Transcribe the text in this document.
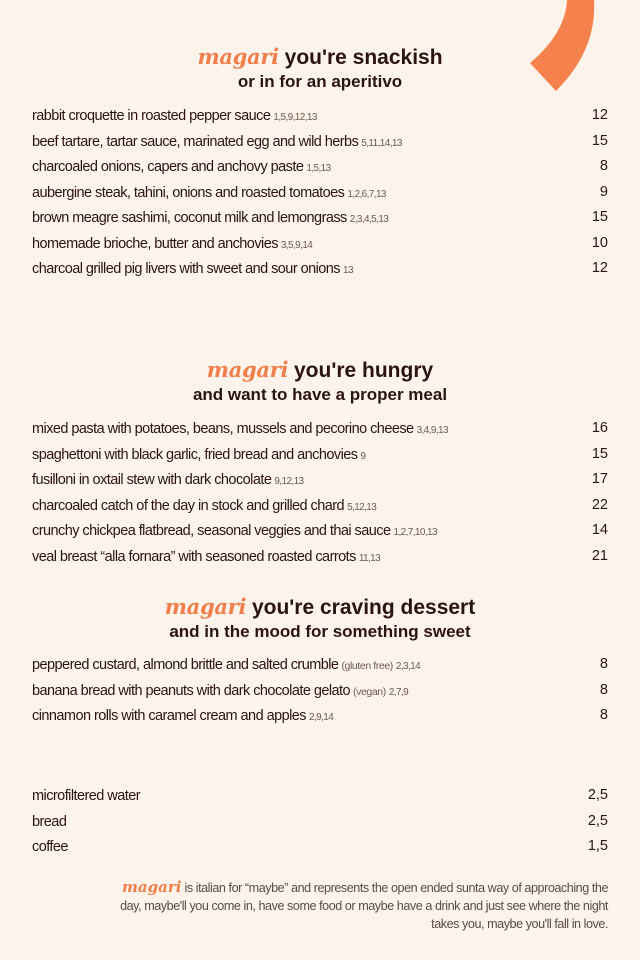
magari you're snackish
or in for an aperitivo
rabbit croquette in roasted pepper sauce 1,5,9,12,13	12
beef tartare, tartar sauce, marinated egg and wild herbs 5,11,14,13	15
charcoaled onions, capers and anchovy paste 1,5,13	8
aubergine steak, tahini, onions and roasted tomatoes 1,2,6,7,13	9
brown meagre sashimi, coconut milk and lemongrass 2,3,4,5,13	15
homemade brioche, butter and anchovies 3,5,9,14	10
charcoal grilled pig livers with sweet and sour onions 13	12
magari you're hungry
and want to have a proper meal
mixed pasta with potatoes, beans, mussels and pecorino cheese 3,4,9,13	16
spaghettoni with black garlic, fried bread and anchovies 9	15
fusilloni in oxtail stew with dark chocolate 9,12,13	17
charcoaled catch of the day in stock and grilled chard 5,12,13	22
crunchy chickpea flatbread, seasonal veggies and thai sauce 1,2,7,10,13	14
veal breast “alla fornara” with seasoned roasted carrots 11,13	21
magari you're craving dessert
and in the mood for something sweet
peppered custard, almond brittle and salted crumble (gluten free) 2,3,14	8
banana bread with peanuts with dark chocolate gelato (vegan) 2,7,9	8
cinnamon rolls with caramel cream and apples 2,9,14	8
microfiltered water	2,5
bread	2,5
coffee	1,5
magari is italian for “maybe” and represents the open ended sunta way of approaching the day, maybe'll you come in, have some food or maybe have a drink and just see where the night takes you, maybe you'll fall in love.
